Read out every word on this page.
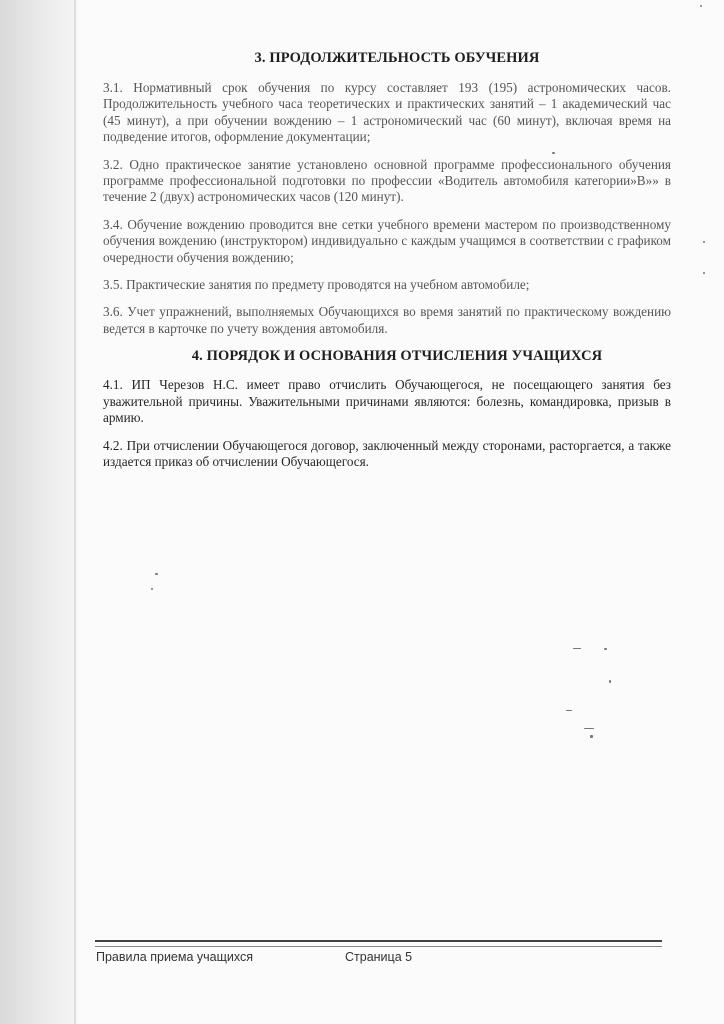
3. ПРОДОЛЖИТЕЛЬНОСТЬ ОБУЧЕНИЯ

3.1. Нормативный срок обучения по курсу составляет 193 (195) астрономических часов. Продолжительность учебного часа теоретических и практических занятий – 1 академический час (45 минут), а при обучении вождению – 1 астрономический час (60 минут), включая время на подведение итогов, оформление документации;

3.2. Одно практическое занятие установлено основной программе профессионального обучения программе профессиональной подготовки по профессии «Водитель автомобиля категории»В»» в течение 2 (двух) астрономических часов (120 минут).

3.4. Обучение вождению проводится вне сетки учебного времени мастером по производственному обучения вождению (инструктором) индивидуально с каждым учащимся в соответствии с графиком очередности обучения вождению;

3.5. Практические занятия по предмету проводятся на учебном автомобиле;

3.6. Учет упражнений, выполняемых Обучающихся во время занятий по практическому вождению ведется в карточке по учету вождения автомобиля.

4. ПОРЯДОК И ОСНОВАНИЯ ОТЧИСЛЕНИЯ УЧАЩИХСЯ

4.1. ИП Черезов Н.С. имеет право отчислить Обучающегося, не посещающего занятия без уважительной причины. Уважительными причинами являются: болезнь, командировка, призыв в армию.

4.2. При отчислении Обучающегося договор, заключенный между сторонами, расторгается, а также издается приказ об отчислении Обучающегося.

Правила приема учащихся	Страница 5
